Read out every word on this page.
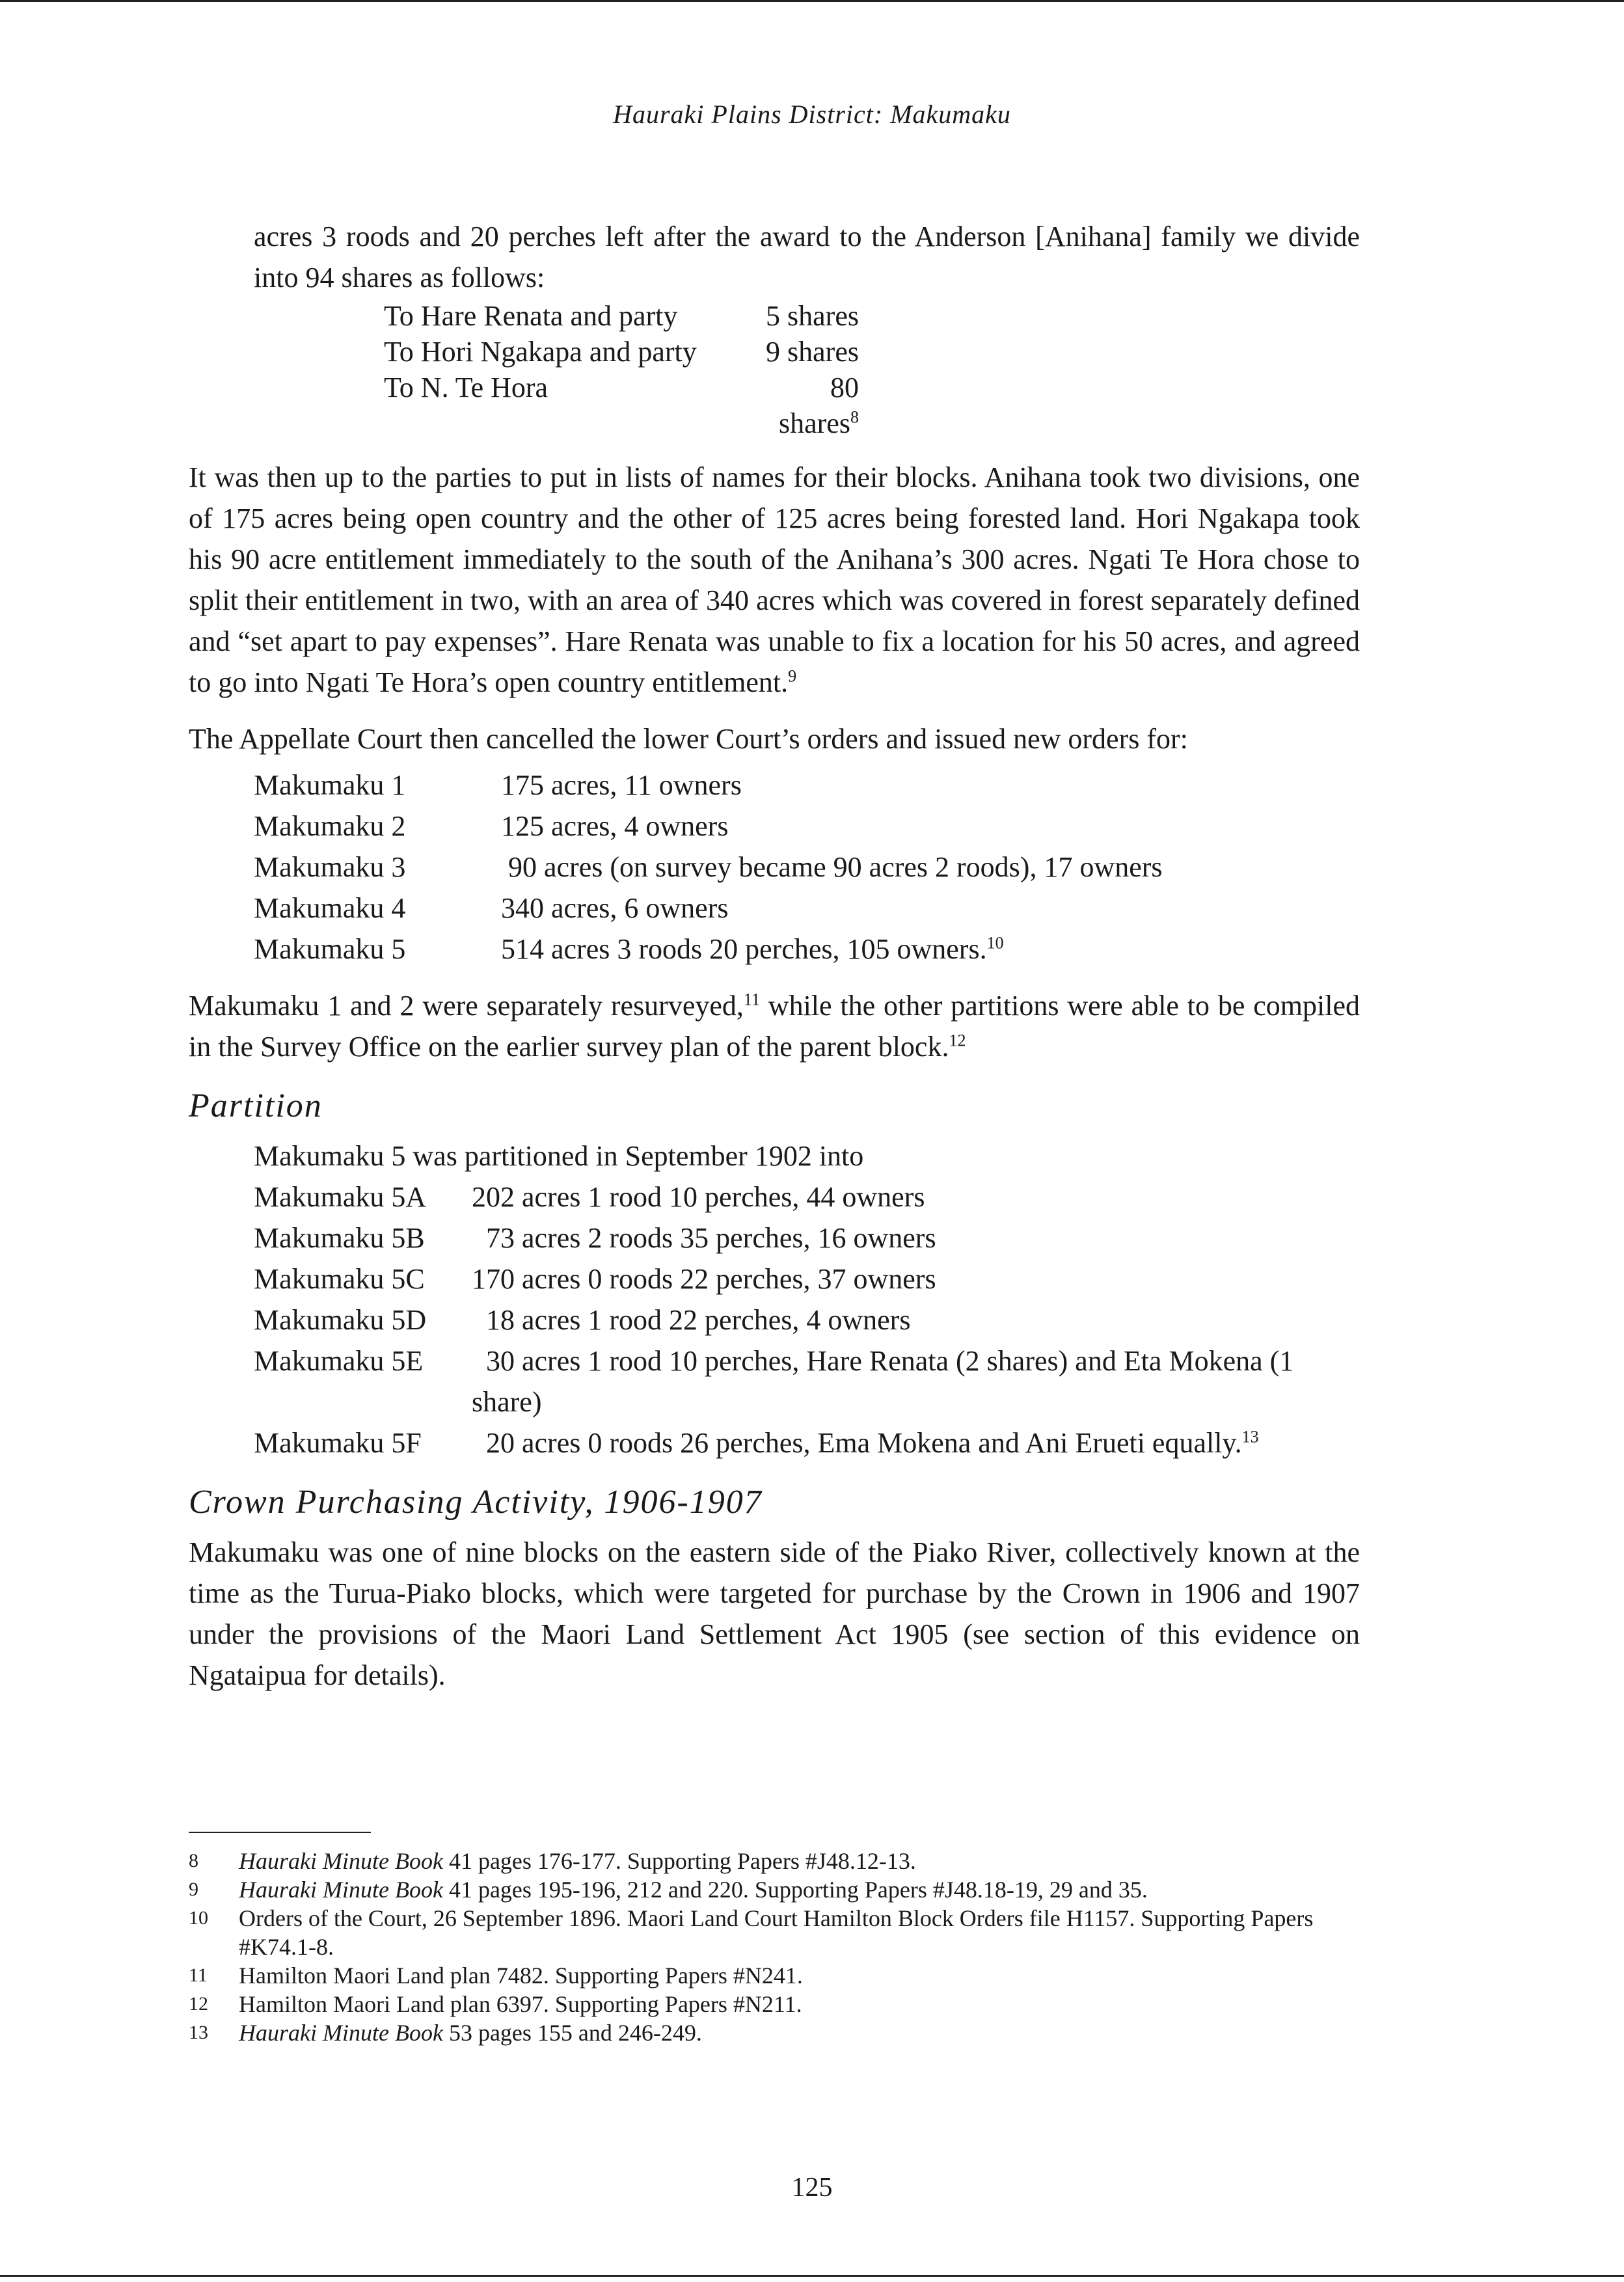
Hauraki Plains District: Makumaku

acres 3 roods and 20 perches left after the award to the Anderson [Anihana] family we divide into 94 shares as follows:

To Hare Renata and party	5 shares
To Hori Ngakapa and party	9 shares
To N. Te Hora	80 shares$^8$

It was then up to the parties to put in lists of names for their blocks. Anihana took two divisions, one of 175 acres being open country and the other of 125 acres being forested land. Hori Ngakapa took his 90 acre entitlement immediately to the south of the Anihana’s 300 acres. Ngati Te Hora chose to split their entitlement in two, with an area of 340 acres which was covered in forest separately defined and “set apart to pay expenses”. Hare Renata was unable to fix a location for his 50 acres, and agreed to go into Ngati Te Hora’s open country entitlement.$^9$

The Appellate Court then cancelled the lower Court’s orders and issued new orders for:

Makumaku 1	175 acres, 11 owners
Makumaku 2	125 acres, 4 owners
Makumaku 3	90 acres (on survey became 90 acres 2 roods), 17 owners
Makumaku 4	340 acres, 6 owners
Makumaku 5	514 acres 3 roods 20 perches, 105 owners.$^{10}$

Makumaku 1 and 2 were separately resurveyed,$^{11}$ while the other partitions were able to be compiled in the Survey Office on the earlier survey plan of the parent block.$^{12}$

Partition
Makumaku 5 was partitioned in September 1902 into
Makumaku 5A	202 acres 1 rood 10 perches, 44 owners
Makumaku 5B	73 acres 2 roods 35 perches, 16 owners
Makumaku 5C	170 acres 0 roods 22 perches, 37 owners
Makumaku 5D	18 acres 1 rood 22 perches, 4 owners
Makumaku 5E	30 acres 1 rood 10 perches, Hare Renata (2 shares) and Eta Mokena (1 share)
Makumaku 5F	20 acres 0 roods 26 perches, Ema Mokena and Ani Erueti equally.$^{13}$
Crown Purchasing Activity, 1906-1907

Makumaku was one of nine blocks on the eastern side of the Piako River, collectively known at the time as the Turua-Piako blocks, which were targeted for purchase by the Crown in 1906 and 1907 under the provisions of the Maori Land Settlement Act 1905 (see section of this evidence on Ngataipua for details).

8	Hauraki Minute Book 41 pages 176-177. Supporting Papers #J48.12-13.
9	Hauraki Minute Book 41 pages 195-196, 212 and 220. Supporting Papers #J48.18-19, 29 and 35.
10	Orders of the Court, 26 September 1896. Maori Land Court Hamilton Block Orders file H1157. Supporting Papers #K74.1-8.
11	Hamilton Maori Land plan 7482. Supporting Papers #N241.
12	Hamilton Maori Land plan 6397. Supporting Papers #N211.
13	Hauraki Minute Book 53 pages 155 and 246-249.
125
